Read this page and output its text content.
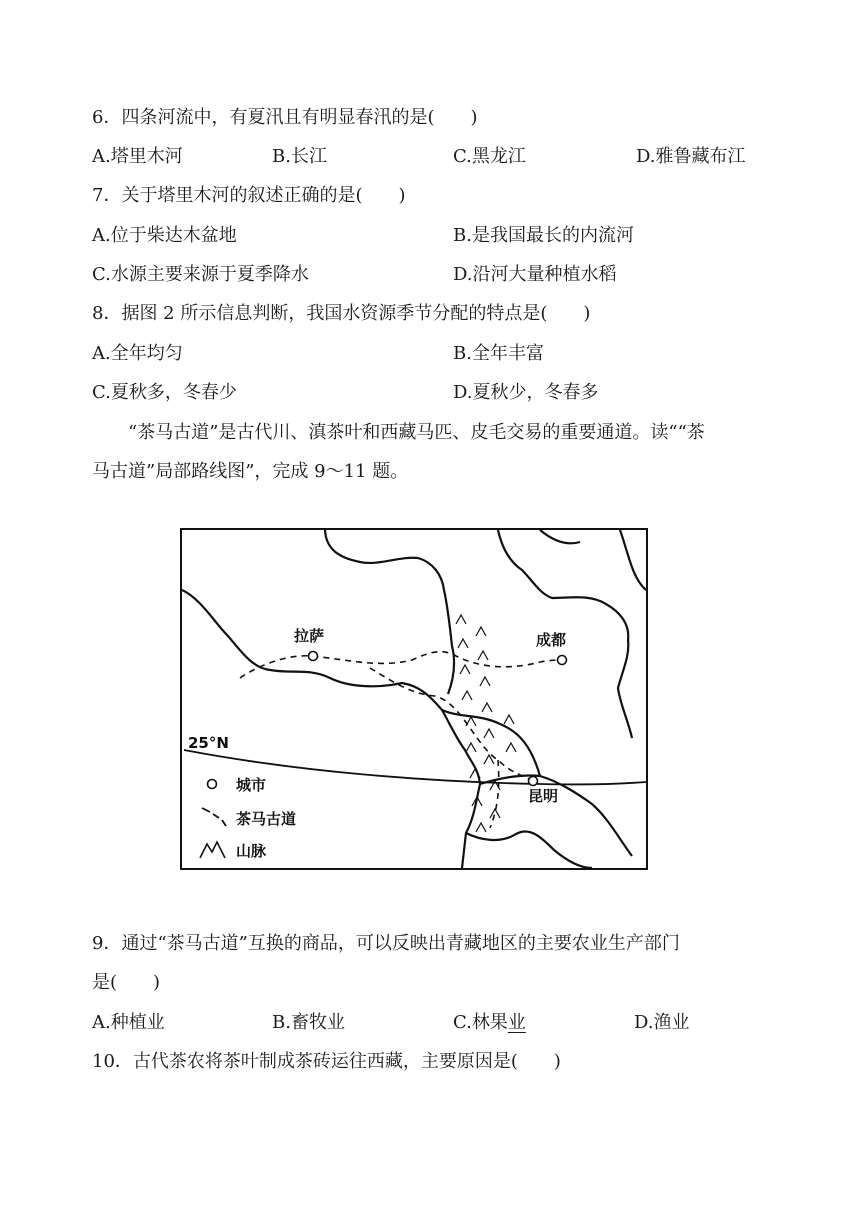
6．四条河流中，有夏汛且有明显春汛的是(　　)
A.塔里木河	B.长江	C.黑龙江	D.雅鲁藏布江
7．关于塔里木河的叙述正确的是(　　)
A.位于柴达木盆地	B.是我国最长的内流河
C.水源主要来源于夏季降水	D.沿河大量种植水稻
8．据图 2 所示信息判断，我国水资源季节分配的特点是(　　)
A.全年均匀	B.全年丰富
C.夏秋多，冬春少	D.夏秋少，冬春多
“茶马古道”是古代川、滇茶叶和西藏马匹、皮毛交易的重要通道。读““茶
马古道”局部路线图”，完成 9～11 题。
25°N
拉萨	成都
昆明
城市
茶马古道
山脉
9．通过“茶马古道”互换的商品，可以反映出青藏地区的主要农业生产部门
是(　　)
A.种植业	B.畜牧业	C.林果业	D.渔业
10．古代茶农将茶叶制成茶砖运往西藏，主要原因是(　　)
